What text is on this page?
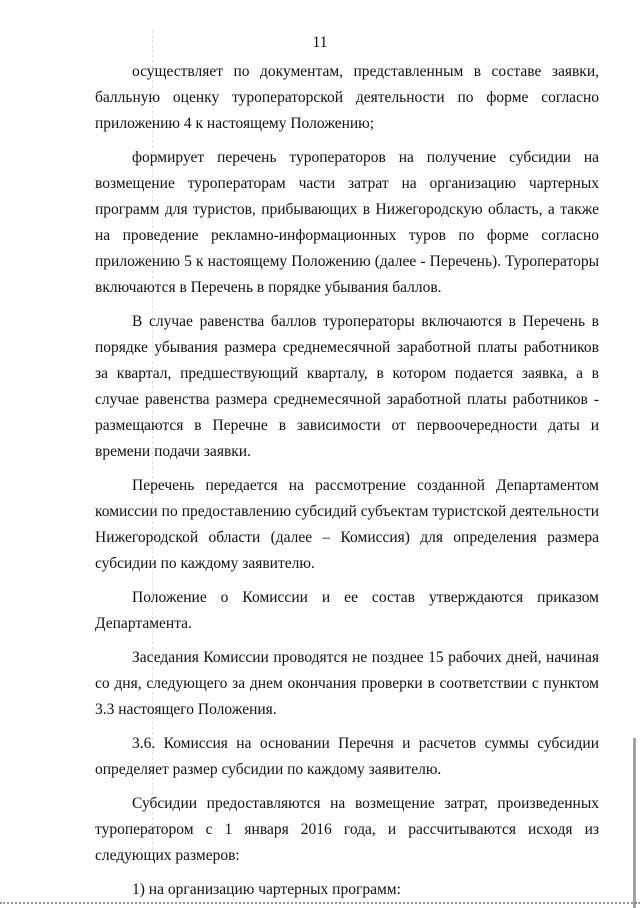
11

осуществляет по документам, представленным в составе заявки, балльную оценку туроператорской деятельности по форме согласно приложению 4 к настоящему Положению;

формирует перечень туроператоров на получение субсидии на возмещение туроператорам части затрат на организацию чартерных программ для туристов, прибывающих в Нижегородскую область, а также на проведение рекламно-информационных туров по форме согласно приложению 5 к настоящему Положению (далее - Перечень). Туроператоры включаются в Перечень в порядке убывания баллов.

В случае равенства баллов туроператоры включаются в Перечень в порядке убывания размера среднемесячной заработной платы работников за квартал, предшествующий кварталу, в котором подается заявка, а в случае равенства размера среднемесячной заработной платы работников - размещаются в Перечне в зависимости от первоочередности даты и времени подачи заявки.

Перечень передается на рассмотрение созданной Департаментом комиссии по предоставлению субсидий субъектам туристской деятельности Нижегородской области (далее – Комиссия) для определения размера субсидии по каждому заявителю.

Положение о Комиссии и ее состав утверждаются приказом Департамента.

Заседания Комиссии проводятся не позднее 15 рабочих дней, начиная со дня, следующего за днем окончания проверки в соответствии с пунктом 3.3 настоящего Положения.

3.6. Комиссия на основании Перечня и расчетов суммы субсидии определяет размер субсидии по каждому заявителю.

Субсидии предоставляются на возмещение затрат, произведенных туроператором с 1 января 2016 года, и рассчитываются исходя из следующих размеров:

1) на организацию чартерных программ:
